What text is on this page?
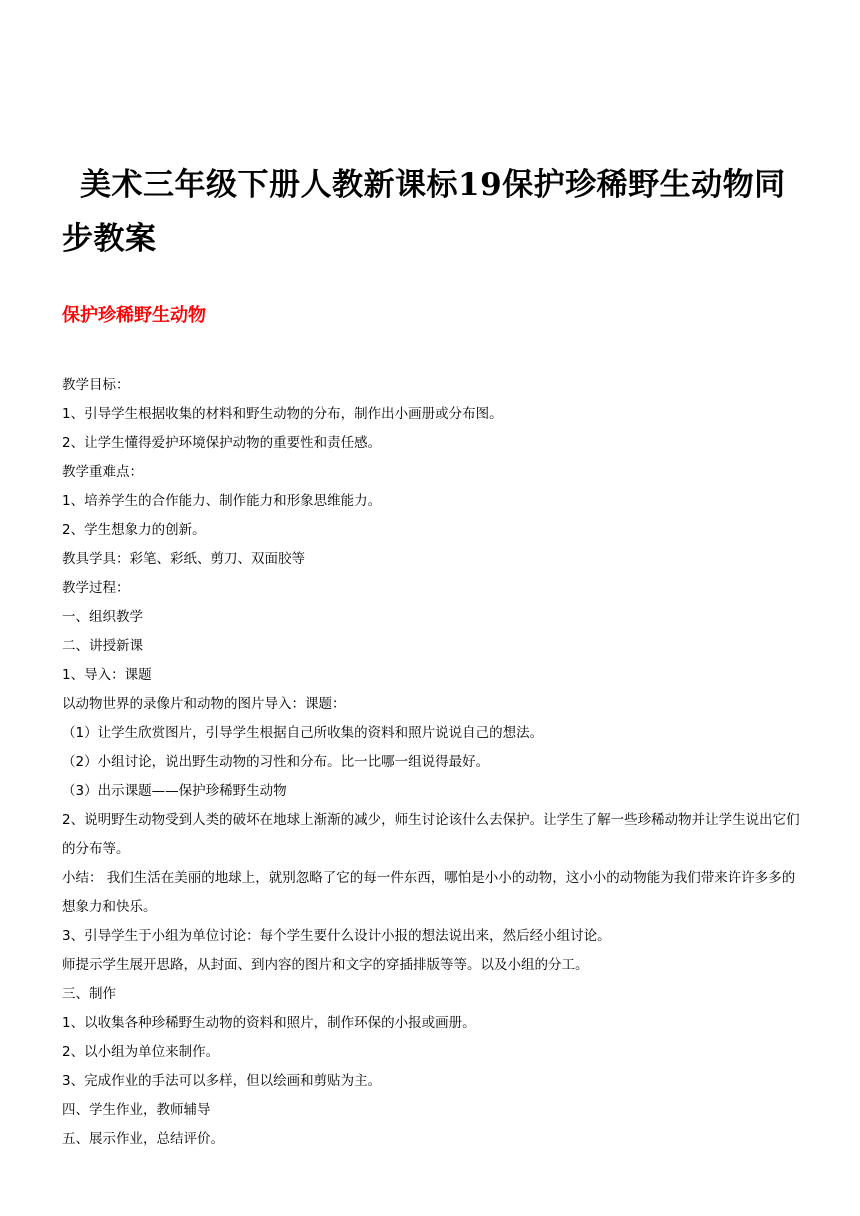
美术三年级下册人教新课标19保护珍稀野生动物同步教案
保护珍稀野生动物

教学目标：

1、引导学生根据收集的材料和野生动物的分布，制作出小画册或分布图。

2、让学生懂得爱护环境保护动物的重要性和责任感。

教学重难点：

1、培养学生的合作能力、制作能力和形象思维能力。

2、学生想象力的创新。

教具学具：彩笔、彩纸、剪刀、双面胶等

教学过程：

一、组织教学

二、讲授新课

1、导入：课题

以动物世界的录像片和动物的图片导入：课题：

（1）让学生欣赏图片，引导学生根据自己所收集的资料和照片说说自己的想法。

（2）小组讨论，说出野生动物的习性和分布。比一比哪一组说得最好。

（3）出示课题——保护珍稀野生动物

2、说明野生动物受到人类的破坏在地球上渐渐的减少，师生讨论该什么去保护。让学生了解一些珍稀动物并让学生说出它们的分布等。

小结： 我们生活在美丽的地球上，就别忽略了它的每一件东西，哪怕是小小的动物，这小小的动物能为我们带来许许多多的想象力和快乐。

3、引导学生于小组为单位讨论：每个学生要什么设计小报的想法说出来，然后经小组讨论。

师提示学生展开思路，从封面、到内容的图片和文字的穿插排版等等。以及小组的分工。

三、制作

1、以收集各种珍稀野生动物的资料和照片，制作环保的小报或画册。

2、以小组为单位来制作。

3、完成作业的手法可以多样，但以绘画和剪贴为主。

四、学生作业，教师辅导

五、展示作业，总结评价。
